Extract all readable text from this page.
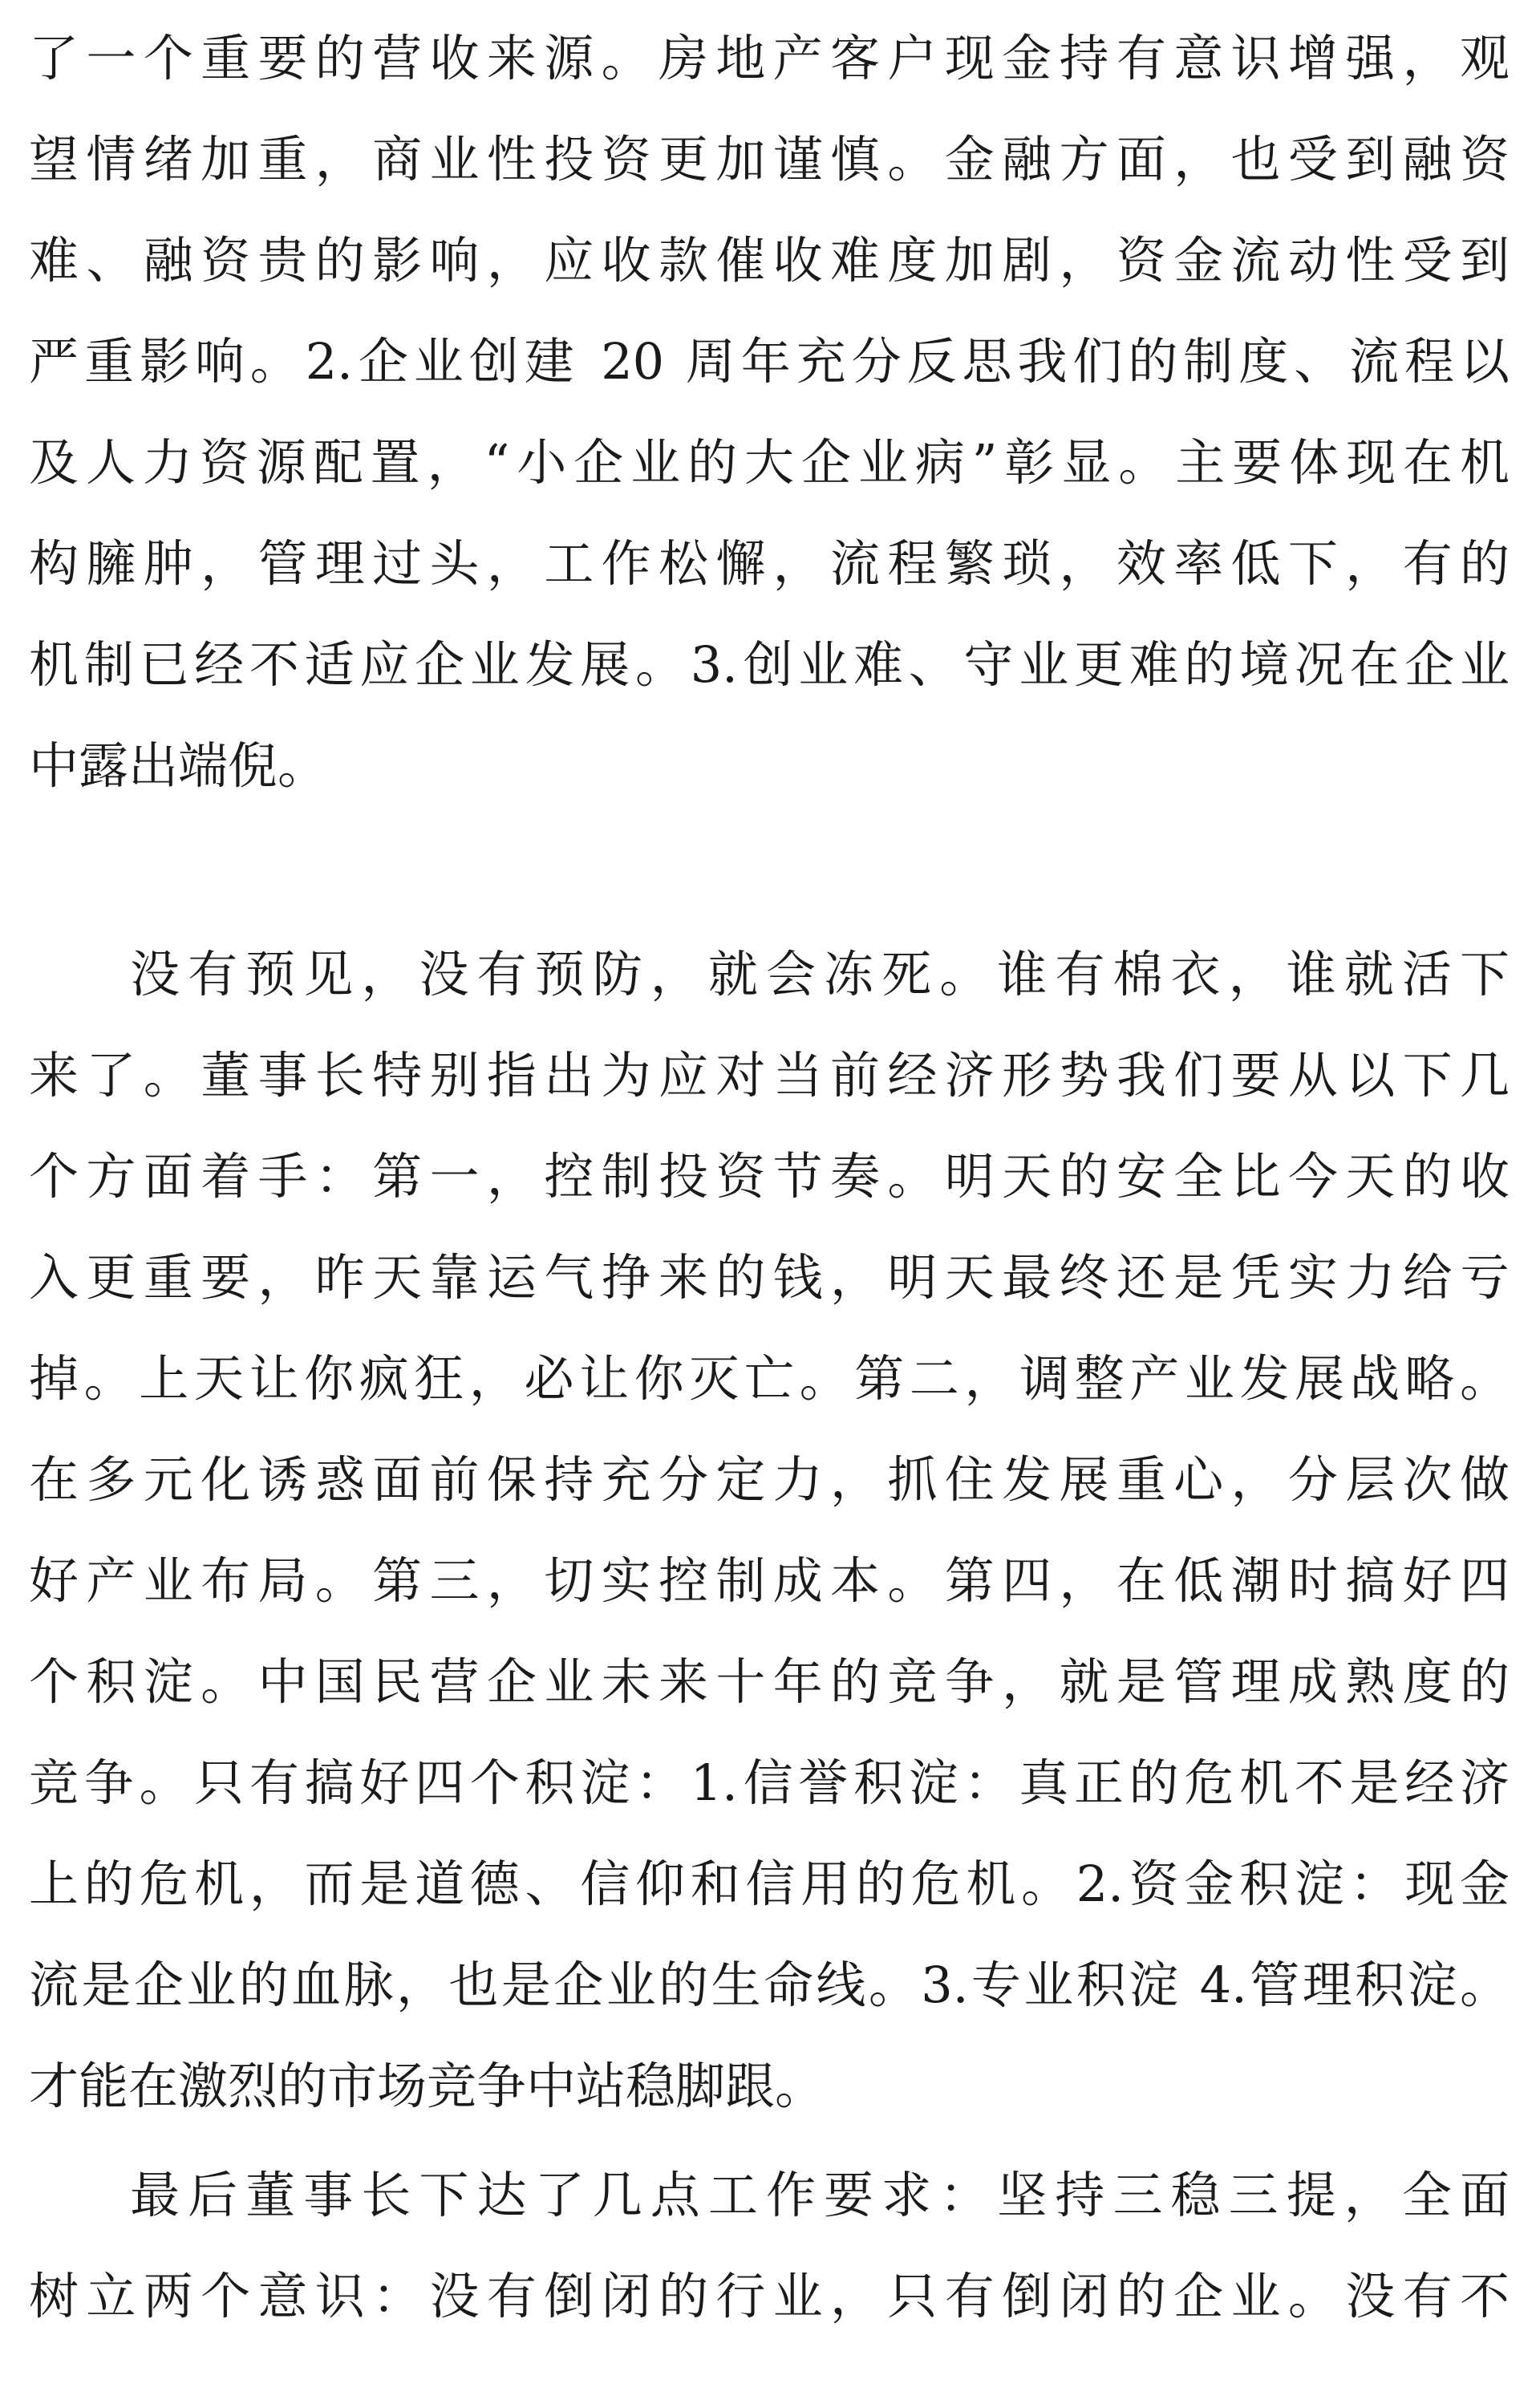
了一个重要的营收来源。房地产客户现金持有意识增强，观
望情绪加重，商业性投资更加谨慎。金融方面，也受到融资
难、融资贵的影响，应收款催收难度加剧，资金流动性受到
严重影响。2.企业创建 20 周年充分反思我们的制度、流程以
及人力资源配置，“小企业的大企业病”彰显。主要体现在机
构臃肿，管理过头，工作松懈，流程繁琐，效率低下，有的
机制已经不适应企业发展。3.创业难、守业更难的境况在企业
中露出端倪。
没有预见，没有预防，就会冻死。谁有棉衣，谁就活下
来了。董事长特别指出为应对当前经济形势我们要从以下几
个方面着手：第一，控制投资节奏。明天的安全比今天的收
入更重要，昨天靠运气挣来的钱，明天最终还是凭实力给亏
掉。上天让你疯狂，必让你灭亡。第二，调整产业发展战略。
在多元化诱惑面前保持充分定力，抓住发展重心，分层次做
好产业布局。第三，切实控制成本。第四，在低潮时搞好四
个积淀。中国民营企业未来十年的竞争，就是管理成熟度的
竞争。只有搞好四个积淀：1.信誉积淀：真正的危机不是经济
上的危机，而是道德、信仰和信用的危机。2.资金积淀：现金
流是企业的血脉，也是企业的生命线。3.专业积淀 4.管理积淀。
才能在激烈的市场竞争中站稳脚跟。
最后董事长下达了几点工作要求：坚持三稳三提，全面
树立两个意识：没有倒闭的行业，只有倒闭的企业。没有不
